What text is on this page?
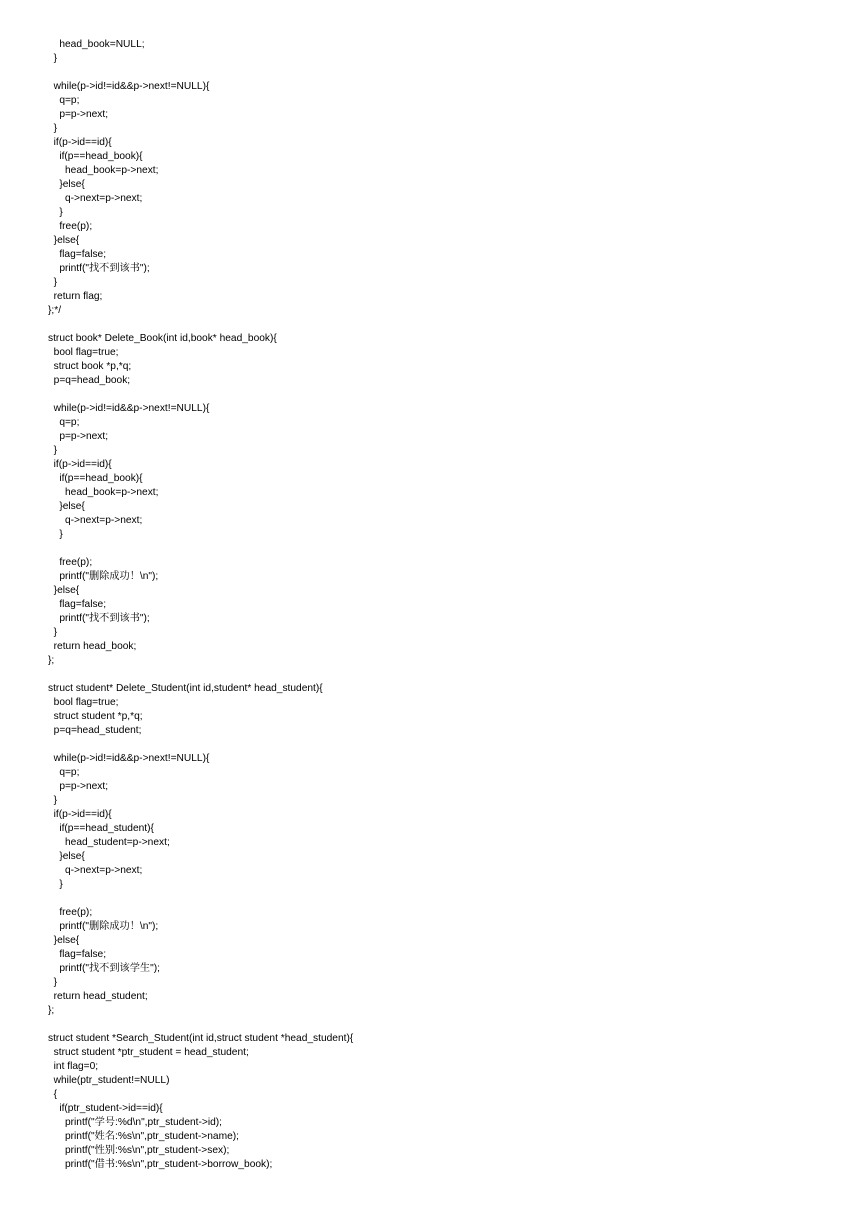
head_book=NULL;
}
while(p->id!=id&&p->next!=NULL){
q=p;
p=p->next;
}
if(p->id==id){
if(p==head_book){
head_book=p->next;
}else{
q->next=p->next;
}
free(p);
}else{
flag=false;
printf("找不到该书");
}
return flag;
};*/
struct book* Delete_Book(int id,book* head_book){
bool flag=true;
struct book *p,*q;
p=q=head_book;
while(p->id!=id&&p->next!=NULL){
q=p;
p=p->next;
}
if(p->id==id){
if(p==head_book){
head_book=p->next;
}else{
q->next=p->next;
}
free(p);
printf("删除成功！\n");
}else{
flag=false;
printf("找不到该书");
}
return head_book;
};
struct student* Delete_Student(int id,student* head_student){
bool flag=true;
struct student *p,*q;
p=q=head_student;
while(p->id!=id&&p->next!=NULL){
q=p;
p=p->next;
}
if(p->id==id){
if(p==head_student){
head_student=p->next;
}else{
q->next=p->next;
}
free(p);
printf("删除成功！\n");
}else{
flag=false;
printf("找不到该学生");
}
return head_student;
};
struct student *Search_Student(int id,struct student *head_student){
struct student *ptr_student = head_student;
int flag=0;
while(ptr_student!=NULL)
{
if(ptr_student->id==id){
printf("学号:%d\n",ptr_student->id);
printf("姓名:%s\n",ptr_student->name);
printf("性别:%s\n",ptr_student->sex);
printf("借书:%s\n",ptr_student->borrow_book);
